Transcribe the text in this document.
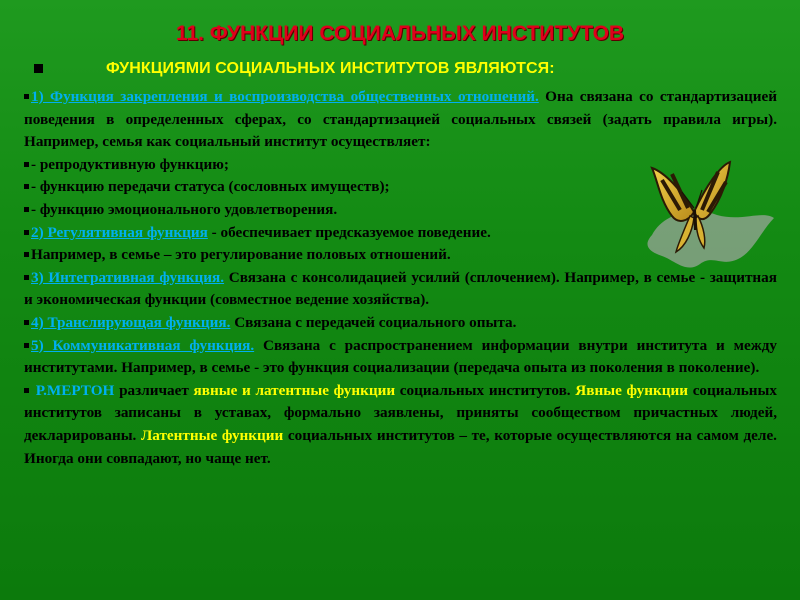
11. ФУНКЦИИ СОЦИАЛЬНЫХ ИНСТИТУТОВ
ФУНКЦИЯМИ СОЦИАЛЬНЫХ ИНСТИТУТОВ ЯВЛЯЮТСЯ:

1) Функция закрепления и воспроизводства общественных отношений. Она связана со стандартизацией поведения в определенных сферах, со стандартизацией социальных связей (задать правила игры). Например, семья как социальный институт осуществляет:

- репродуктивную функцию;

- функцию передачи статуса (сословных имуществ);

- функцию эмоционального удовлетворения.

2) Регулятивная функция - обеспечивает предсказуемое поведение.

Например, в семье – это регулирование половых отношений.

3) Интегративная функция. Связана с консолидацией усилий (сплочением). Например, в семье - защитная и экономическая функции (совместное ведение хозяйства).

4) Транслирующая функция. Связана с передачей социального опыта.

5) Коммуникативная функция. Связана с распространением информации внутри института и между институтами. Например, в семье - это функция социализации (передача опыта из поколения в поколение).

Р.МЕРТОН различает явные и латентные функции социальных институтов. Явные функции социальных институтов записаны в уставах, формально заявлены, приняты сообществом причастных людей, декларированы. Латентные функции социальных институтов – те, которые осуществляются на самом деле. Иногда они совпадают, но чаще нет.
